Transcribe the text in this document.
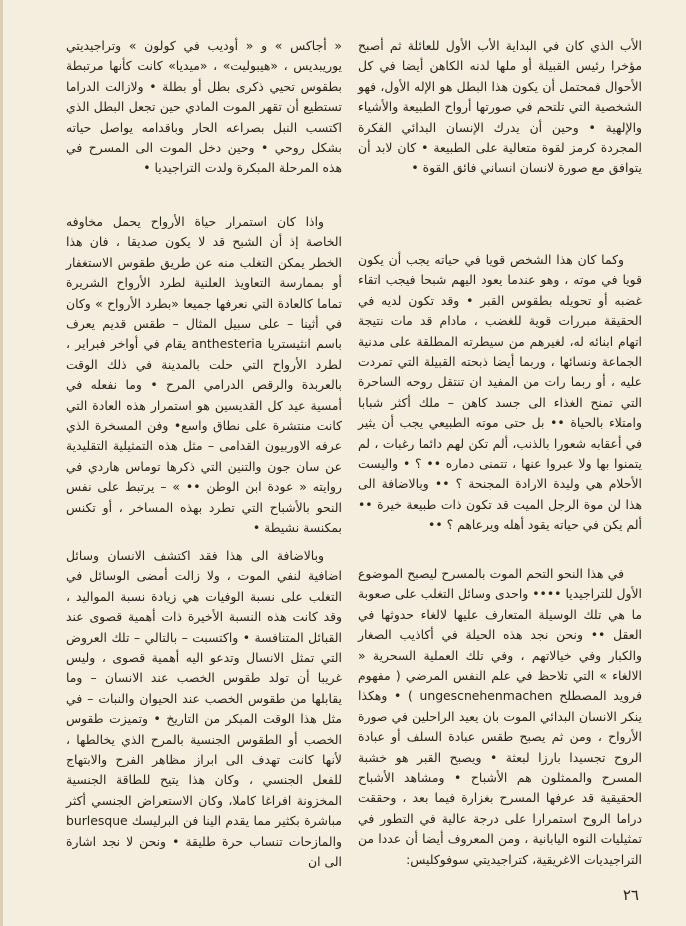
الأب الذي كان في البداية الأب الأول للعائلة ثم أصبح مؤخرا رئيس القبيلة أو ملها لدنه الكاهن أيضا في كل الأحوال فمحتمل أن يكون هذا البطل هو الإله الأول، فهو الشخصية التي تلتحم في صورتها أرواح الطبيعة والأشياء والإلهية • وحين أن يدرك الإنسان البدائي الفكرة المجردة كرمز لقوة متعالية على الطبيعة • كان لابد أن يتوافق مع صورة لانسان انساني فائق القوة •

وكما كان هذا الشخص قويا في حياته يجب أن يكون قويا في موته ، وهو عندما يعود اليهم شبحا فيجب اتقاء غضبه أو تحويله بطقوس القبر • وقد تكون لديه في الحقيقة مبررات قوية للغضب ، مادام قد مات نتيجة اتهام ابنائه له، لغيرهم من سيطرته المطلقة على مدنية الجماعة ونسائها ، وربما أيضا ذبحته القبيلة التي تمردت عليه ، أو ربما رات من المفيد ان تنتقل روحه الساحرة التي تمنح الغذاء الى جسد كاهن – ملك أكثر شبابا وامتلاء بالحياة •• بل حتى موته الطبيعي يجب أن يثير في أعقابه شعورا بالذنب، ألم تكن لهم دائما رغبات ، لم يتمنوا بها ولا عبروا عنها ، تتمنى دماره •• ؟ • واليست الأحلام هي وليدة الارادة المجنحة ؟ •• وبالاضافة الى هذا لن موة الرجل الميت قد تكون ذات طبيعة خيرة •• ألم يكن في حياته يقود أهله ويرعاهم ؟ ••

في هذا النحو التحم الموت بالمسرح ليصبح الموضوع الأول للتراجيديا •••• واحدى وسائل التغلب على صعوبة ما هي تلك الوسيلة المتعارف عليها لالغاء حدوثها في العقل •• ونحن نجد هذه الحيلة في أكاذيب الصغار والكبار وفي خيالاتهم ، وفي تلك العملية السحرية « الالغاء » التي تلاحظ في علم النفس المرضي ( مفهوم فرويد المصطلح ungescnehenmachen ) • وهكذا ينكر الانسان البدائي الموت بان يعيد الراحلين في صورة الأرواح ، ومن ثم يصبح طقس عبادة السلف أو عبادة الروح تجسيدا بارزا لبعثة • ويصبح القبر هو خشبة المسرح والممثلون هم الأشباح • ومشاهد الأشباح الحقيقية قد عرفها المسرح بغزارة فيما بعد ، وحققت دراما الروح استمرارا على درجة عالية في التطور في تمثيليات النوه اليابانية ، ومن المعروف أيضا أن عددا من التراجيديات الاغريقية، كتراجيديتي سوفوكليس:

« أجاكس » و « أوديب في كولون » وتراجيديتي يوريبديس ، «هيبوليت» ، «ميديا» كانت كأنها مرتبطة بطقوس تحيي ذكرى بطل أو بطلة • ولازالت الدراما تستطيع أن تقهر الموت المادي حين تجعل البطل الذي اكتسب النبل بصراعه الحار وباقدامه يواصل حياته بشكل روحي • وحين دخل الموت الى المسرح في هذه المرحلة المبكرة ولدت التراجيديا •

واذا كان استمرار حياة الأرواح يحمل مخاوفه الخاصة إذ أن الشبح قد لا يكون صديقا ، فان هذا الخطر يمكن التغلب منه عن طريق طقوس الاستغفار أو بممارسة التعاويذ العلنية لطرد الأرواح الشريرة تماما كالعادة التي نعرفها جميعا «بطرد الأرواح » وكان في أثينا – على سبيل المثال – طقس قديم يعرف باسم انثيستريا anthesteria يقام في أواخر فبراير ، لطرد الأرواح التي حلت بالمدينة في ذلك الوقت بالعربدة والرقص الدرامي المرح • وما نفعله في أمسية عيد كل القديسين هو استمرار هذه العادة التي كانت منتشرة على نطاق واسع• وفن المسخرة الذي عرفه الاوربيون القدامى – مثل هذه التمثيلية التقليدية عن سان جون والتنين التي ذكرها توماس هاردي في روايته « عودة ابن الوطن •• » – يرتبط على نفس النحو بالأشباح التي تطرد بهذه المساخر ، أو تكنس بمكنسة نشيطة •

وبالاضافة الى هذا فقد اكتشف الانسان وسائل اضافية لنفي الموت ، ولا زالت أمضى الوسائل في التغلب على نسبة الوفيات هي زيادة نسبة المواليد ، وقد كانت هذه النسبة الأخيرة ذات أهمية قصوى عند القبائل المتنافسة • واكتسبت – بالتالي – تلك العروض التي تمثل الانسال وتدعو اليه أهمية قصوى ، وليس غريبا أن تولد طقوس الخصب عند الانسان – وما يقابلها من طقوس الخصب عند الحيوان والنبات – في مثل هذا الوقت المبكر من التاريخ • وتميزت طقوس الخصب أو الطقوس الجنسية بالمرح الذي يخالطها ، لأنها كانت تهدف الى ابراز مظاهر الفرح والابتهاج للفعل الجنسي ، وكان هذا يتيح للطاقة الجنسية المخزونة افراغا كاملا، وكان الاستعراض الجنسي أكثر مباشرة بكثير مما يقدم الينا فن البرليسك burlesque والمازحات تنساب حرة طليقة • ونحن لا نجد اشارة الى ان

٢٦
